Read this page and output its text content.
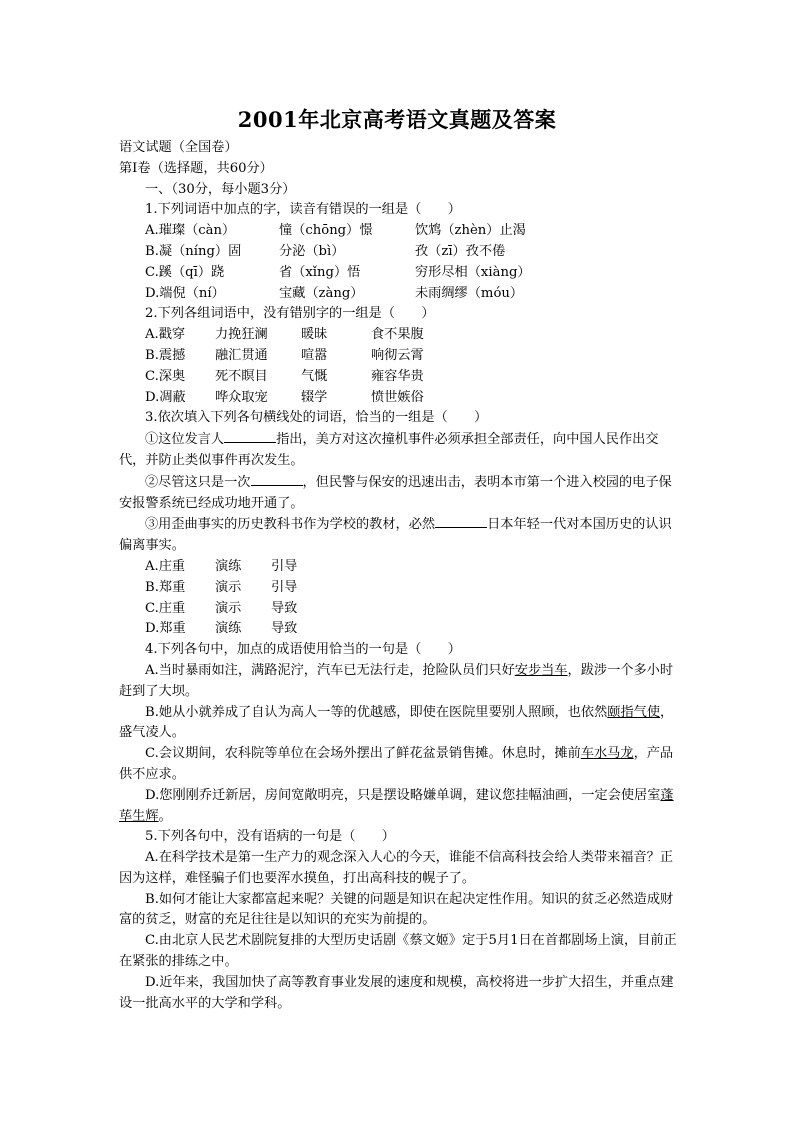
2001年北京高考语文真题及答案
语文试题（全国卷）
第Ⅰ卷（选择题，共60分）
一、（30分，每小题3分）
1.下列词语中加点的字，读音有错误的一组是（　　）
A.璀璨（càn）	憧（chōng）憬	饮鸩（zhèn）止渴
B.凝（níng）固	分泌（bì）	孜（zī）孜不倦
C.蹊（qī）跷	省（xǐng）悟	穷形尽相（xiàng）
D.端倪（ní）	宝藏（zàng）	未雨绸缪（móu）
2.下列各组词语中，没有错别字的一组是（　　）
A.戳穿	力挽狂澜	暖昧	食不果腹
B.震撼	融汇贯通	喧嚣	响彻云霄
C.深奥	死不瞑目	气慨	雍容华贵
D.凋蔽	哗众取宠	辍学	愤世嫉俗
3.依次填入下列各句横线处的词语，恰当的一组是（　　）
①这位发言人	指出，美方对这次撞机事件必须承担全部责任，向中国人民作出交代，并防止类似事件再次发生。
②尽管这只是一次	，但民警与保安的迅速出击，表明本市第一个进入校园的电子保安报警系统已经成功地开通了。
③用歪曲事实的历史教科书作为学校的教材，必然	日本年轻一代对本国历史的认识偏离事实。
A.庄重	演练	引导
B.郑重	演示	引导
C.庄重	演示	导致
D.郑重	演练	导致
4.下列各句中，加点的成语使用恰当的一句是（　　）
A.当时暴雨如注，满路泥泞，汽车已无法行走，抢险队员们只好安步当车，跋涉一个多小时赶到了大坝。
B.她从小就养成了自认为高人一等的优越感，即使在医院里要别人照顾，也依然颐指气使，盛气凌人。
C.会议期间，农科院等单位在会场外摆出了鲜花盆景销售摊。休息时，摊前车水马龙，产品供不应求。
D.您刚刚乔迁新居，房间宽敞明亮，只是摆设略嫌单调，建议您挂幅油画，一定会使居室蓬荜生辉。
5.下列各句中，没有语病的一句是（　　）
A.在科学技术是第一生产力的观念深入人心的今天，谁能不信高科技会给人类带来福音？正因为这样，难怪骗子们也要浑水摸鱼，打出高科技的幌子了。
B.如何才能让大家都富起来呢？关键的问题是知识在起决定性作用。知识的贫乏必然造成财富的贫乏，财富的充足往往是以知识的充实为前提的。
C.由北京人民艺术剧院复排的大型历史话剧《蔡文姬》定于5月1日在首都剧场上演，目前正在紧张的排练之中。
D.近年来，我国加快了高等教育事业发展的速度和规模，高校将进一步扩大招生，并重点建设一批高水平的大学和学科。
